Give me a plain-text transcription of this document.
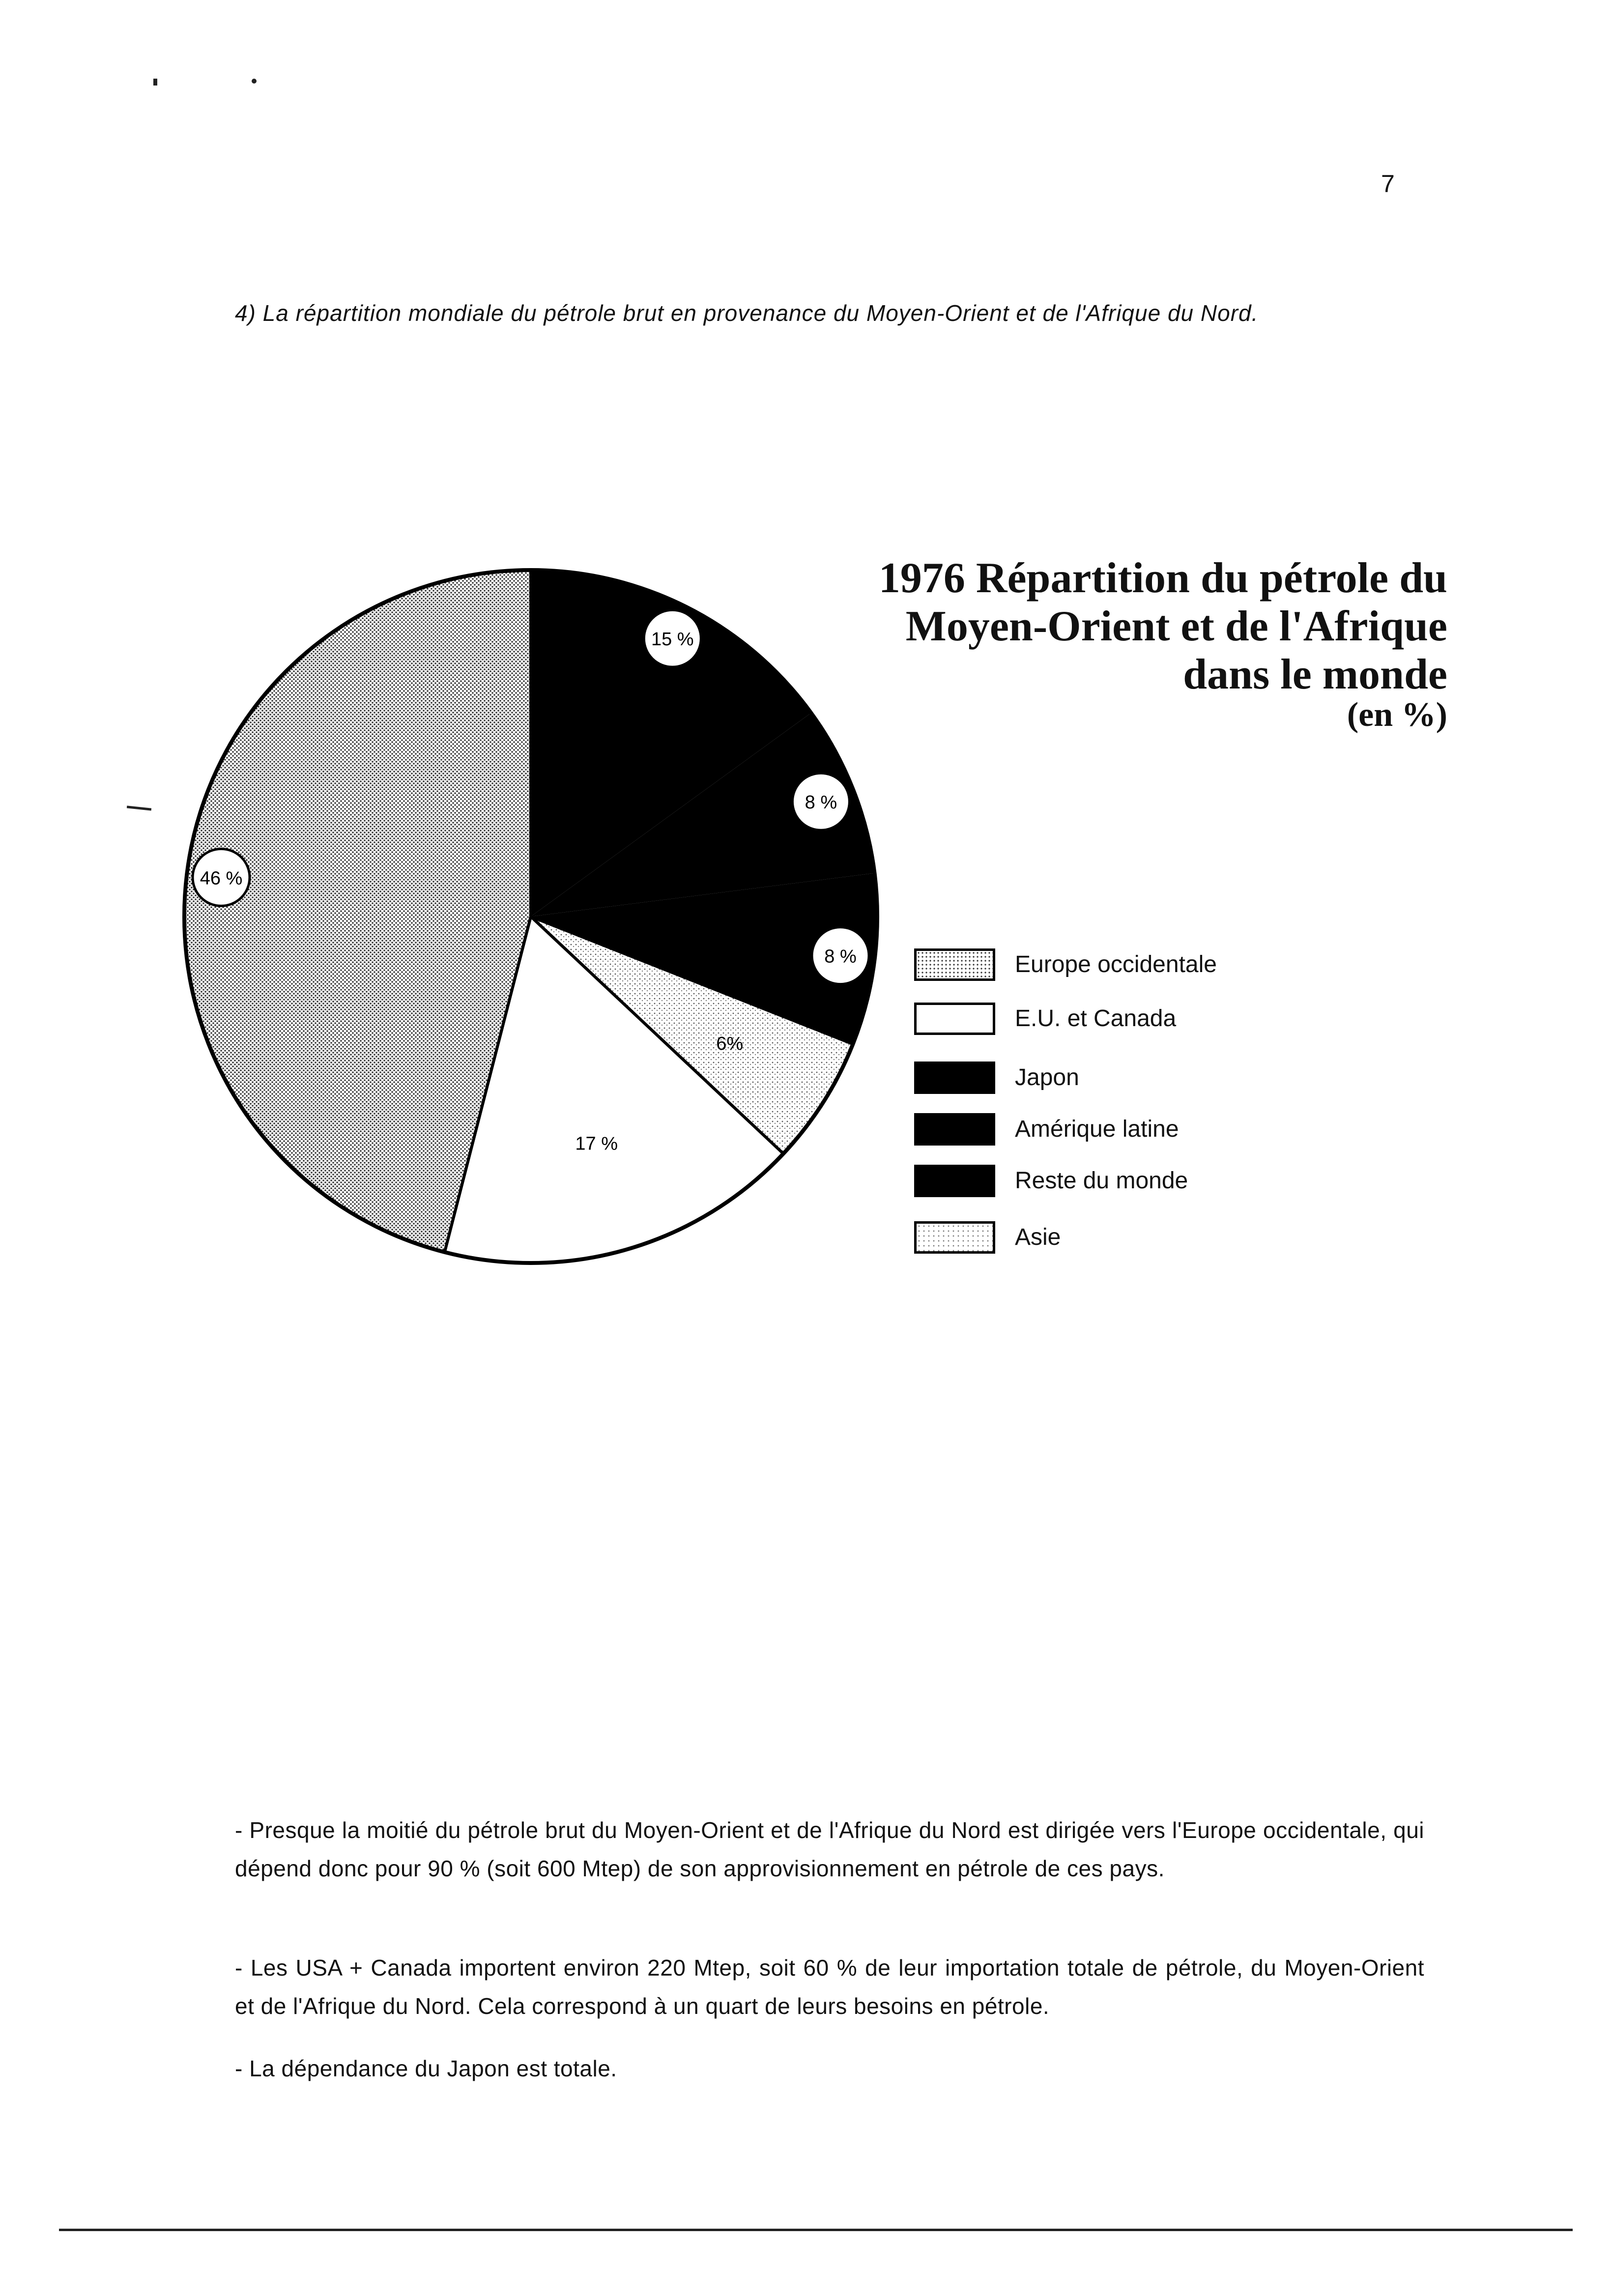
7
4) La répartition mondiale du pétrole brut en provenance du Moyen-Orient et de l'Afrique du Nord.
1976 Répartition du pétrole du
Moyen-Orient et de l'Afrique
dans le monde
(en %)
15 %
8 %
8 %
6%
17 %
46 %
Europe occidentale
E.U. et Canada
Japon
Amérique latine
Reste du monde
Asie
- Presque la moitié du pétrole brut du Moyen-Orient et de l'Afrique du Nord est dirigée vers l'Europe occidentale, qui dépend donc pour 90 % (soit 600 Mtep) de son approvisionnement en pétrole de ces pays.
- Les USA + Canada importent environ 220 Mtep, soit 60 % de leur importation totale de pétrole, du Moyen-Orient et de l'Afrique du Nord. Cela correspond à un quart de leurs besoins en pétrole.
- La dépendance du Japon est totale.
